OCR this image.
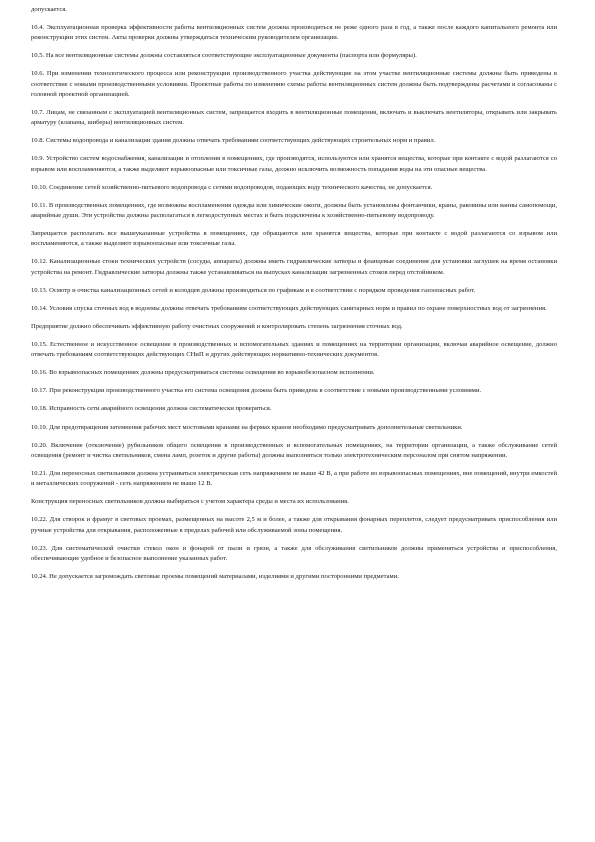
допускается.

10.4. Эксплуатационная проверка эффективности работы вентиляционных систем должна производиться не реже одного раза в год, а также после каждого капитального ремонта или реконструкции этих систем. Акты проверки должны утверждаться техническим руководителем организации.

10.5. На все вентиляционные системы должны составляться соответствующие эксплуатационные документы (паспорта или формуляры).

10.6. При изменении технологического процесса или реконструкции производственного участка действующие на этом участке вентиляционные системы должны быть приведены в соответствие с новыми производственными условиями. Проектные работы по изменению схемы работы вентиляционных систем должны быть подтверждены расчетами и согласованы с головной проектной организацией.

10.7. Лицам, не связанным с эксплуатацией вентиляционных систем, запрещается входить в вентиляционные помещения, включать и выключать вентиляторы, открывать или закрывать арматуру (клапаны, шиберы) вентиляционных систем.

10.8. Системы водопровода и канализации здания должны отвечать требованиям соответствующих действующих строительных норм и правил.

10.9. Устройство систем водоснабжения, канализации и отопления в помещениях, где производятся, используются или хранятся вещества, которые при контакте с водой разлагаются со взрывом или воспламеняются, а также выделяют взрывоопасные или токсичные газы, должно исключить возможность попадания воды на эти опасные вещества.

10.10. Соединение сетей хозяйственно-питьевого водопровода с сетями водопроводов, подающих воду технического качества, не допускается.

10.11. В производственных помещениях, где возможны воспламенения одежды или химические ожоги, должны быть установлены фонтанчики, краны, раковины или ванны самопомощи, аварийные души. Эти устройства должны располагаться в легкодоступных местах и быть подключены к хозяйственно-питьевому водопроводу.

Запрещается располагать все вышеуказанные устройства в помещениях, где обращаются или хранятся вещества, которые при контакте с водой разлагаются со взрывом или воспламеняются, а также выделяют взрывоопасные или токсичные газы.

10.12. Канализационные стоки технических устройств (сосуды, аппараты) должны иметь гидравлические затворы и фланцевые соединения для установки заглушек на время остановки устройства на ремонт. Гидравлические затворы должны также устанавливаться на выпусках канализации загрязненных стоков перед отстойником.

10.13. Осмотр и очистка канализационных сетей и колодцев должны производиться по графикам и в соответствии с порядком проведения газоопасных работ.

10.14. Условия спуска сточных вод в водоемы должны отвечать требованиям соответствующих действующих санитарных норм и правил по охране поверхностных вод от загрязнения.

Предприятие должно обеспечивать эффективную работу очистных сооружений и контролировать степень загрязнения сточных вод.

10.15. Естественное и искусственное освещение в производственных и вспомогательных зданиях и помещениях на территории организации, включая аварийное освещение, должно отвечать требованиям соответствующих действующих СНиП и других действующих нормативно-технических документов.

10.16. Во взрывоопасных помещениях должны предусматриваться системы освещения во взрывобезопасном исполнении.

10.17. При реконструкции производственного участка его система освещения должна быть приведена в соответствие с новыми производственными условиями.

10.18. Исправность сети аварийного освещения должна систематически проверяться.

10.19. Для предотвращения затемнения рабочих мест мостовыми кранами на фермах кранов необходимо предусматривать дополнительные светильники.

10.20. Включение (отключение) рубильников общего освещения в производственных и вспомогательных помещениях, на территории организации, а также обслуживание сетей освещения (ремонт и чистка светильников, смена ламп, розеток и другие работы) должны выполняться только электротехническим персоналом при снятом напряжении.

10.21. Для переносных светильников должна устраиваться электрическая сеть напряжением не выше 42 В, а при работе во взрывоопасных помещениях, вне помещений, внутри емкостей и металлических сооружений - сеть напряжением не выше 12 В.

Конструкция переносных светильников должна выбираться с учетом характера среды и места их использования.

10.22. Для створок и фрамуг в световых проемах, размещенных на высоте 2,5 м и более, а также для открывания фонарных переплетов, следует предусматривать приспособления или ручные устройства для открывания, расположенные в пределах рабочей или обслуживаемой зоны помещения.

10.23. Для систематической очистки стекол окон и фонарей от пыли и грязи, а также для обслуживания светильников должны применяться устройства и приспособления, обеспечивающие удобное и безопасное выполнение указанных работ.

10.24. Не допускается загромождать световые проемы помещений материалами, изделиями и другими посторонними предметами.
